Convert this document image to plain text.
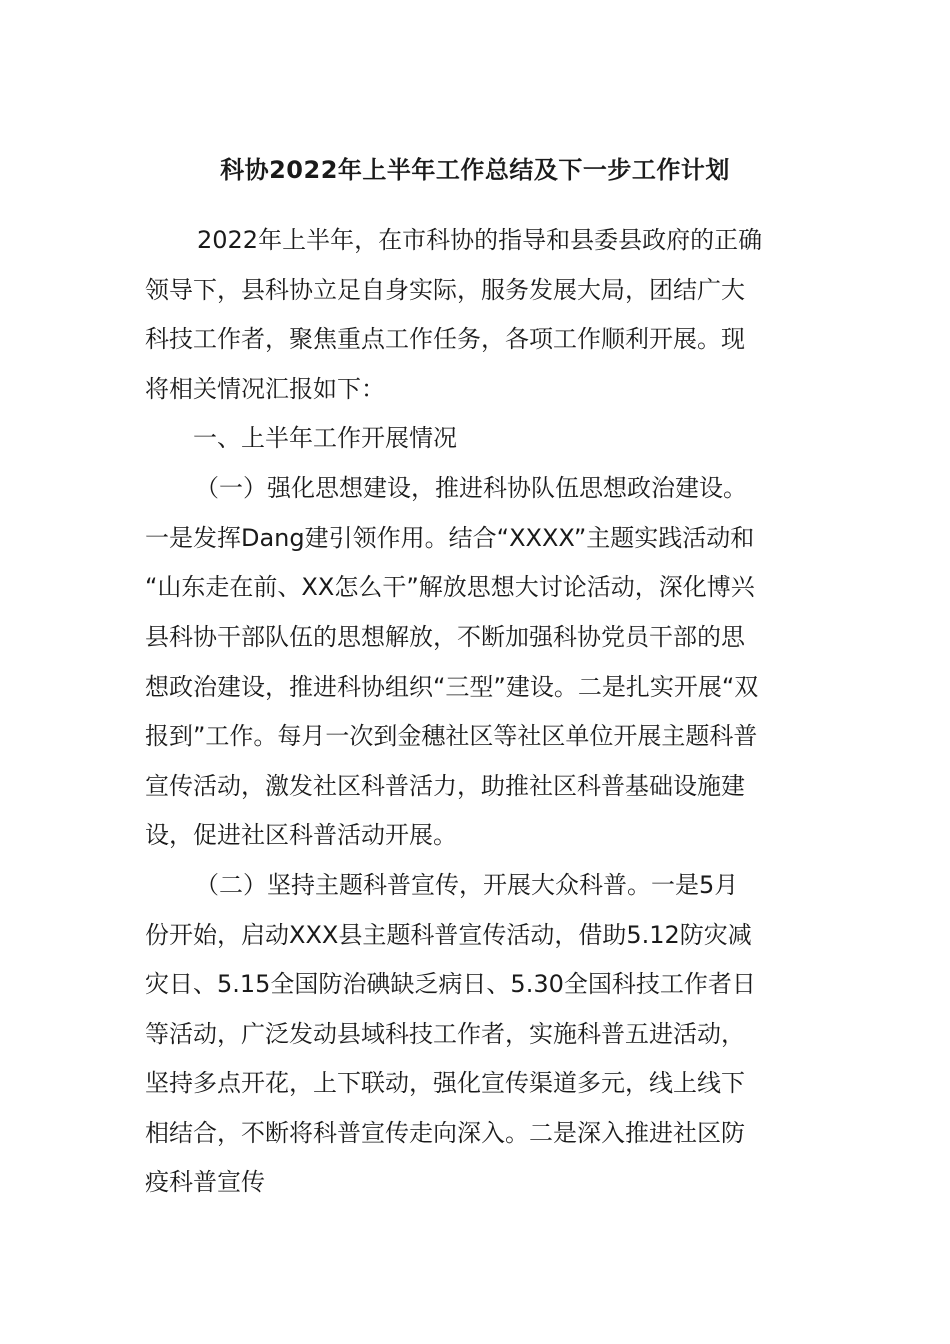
科协2022年上半年工作总结及下一步工作计划
2022年上半年，在市科协的指导和县委县政府的正确
领导下，县科协立足自身实际，服务发展大局，团结广大
科技工作者，聚焦重点工作任务，各项工作顺利开展。现
将相关情况汇报如下：
一、上半年工作开展情况
（一）强化思想建设，推进科协队伍思想政治建设。
一是发挥Dang建引领作用。结合“XXXX”主题实践活动和
“山东走在前、XX怎么干”解放思想大讨论活动，深化博兴
县科协干部队伍的思想解放，不断加强科协党员干部的思
想政治建设，推进科协组织“三型”建设。二是扎实开展“双
报到”工作。每月一次到金穗社区等社区单位开展主题科普
宣传活动，激发社区科普活力，助推社区科普基础设施建
设，促进社区科普活动开展。
（二）坚持主题科普宣传，开展大众科普。一是5月
份开始，启动XXX县主题科普宣传活动，借助5.12防灾减
灾日、5.15全国防治碘缺乏病日、5.30全国科技工作者日
等活动，广泛发动县域科技工作者，实施科普五进活动，
坚持多点开花，上下联动，强化宣传渠道多元，线上线下
相结合，不断将科普宣传走向深入。二是深入推进社区防
疫科普宣传
